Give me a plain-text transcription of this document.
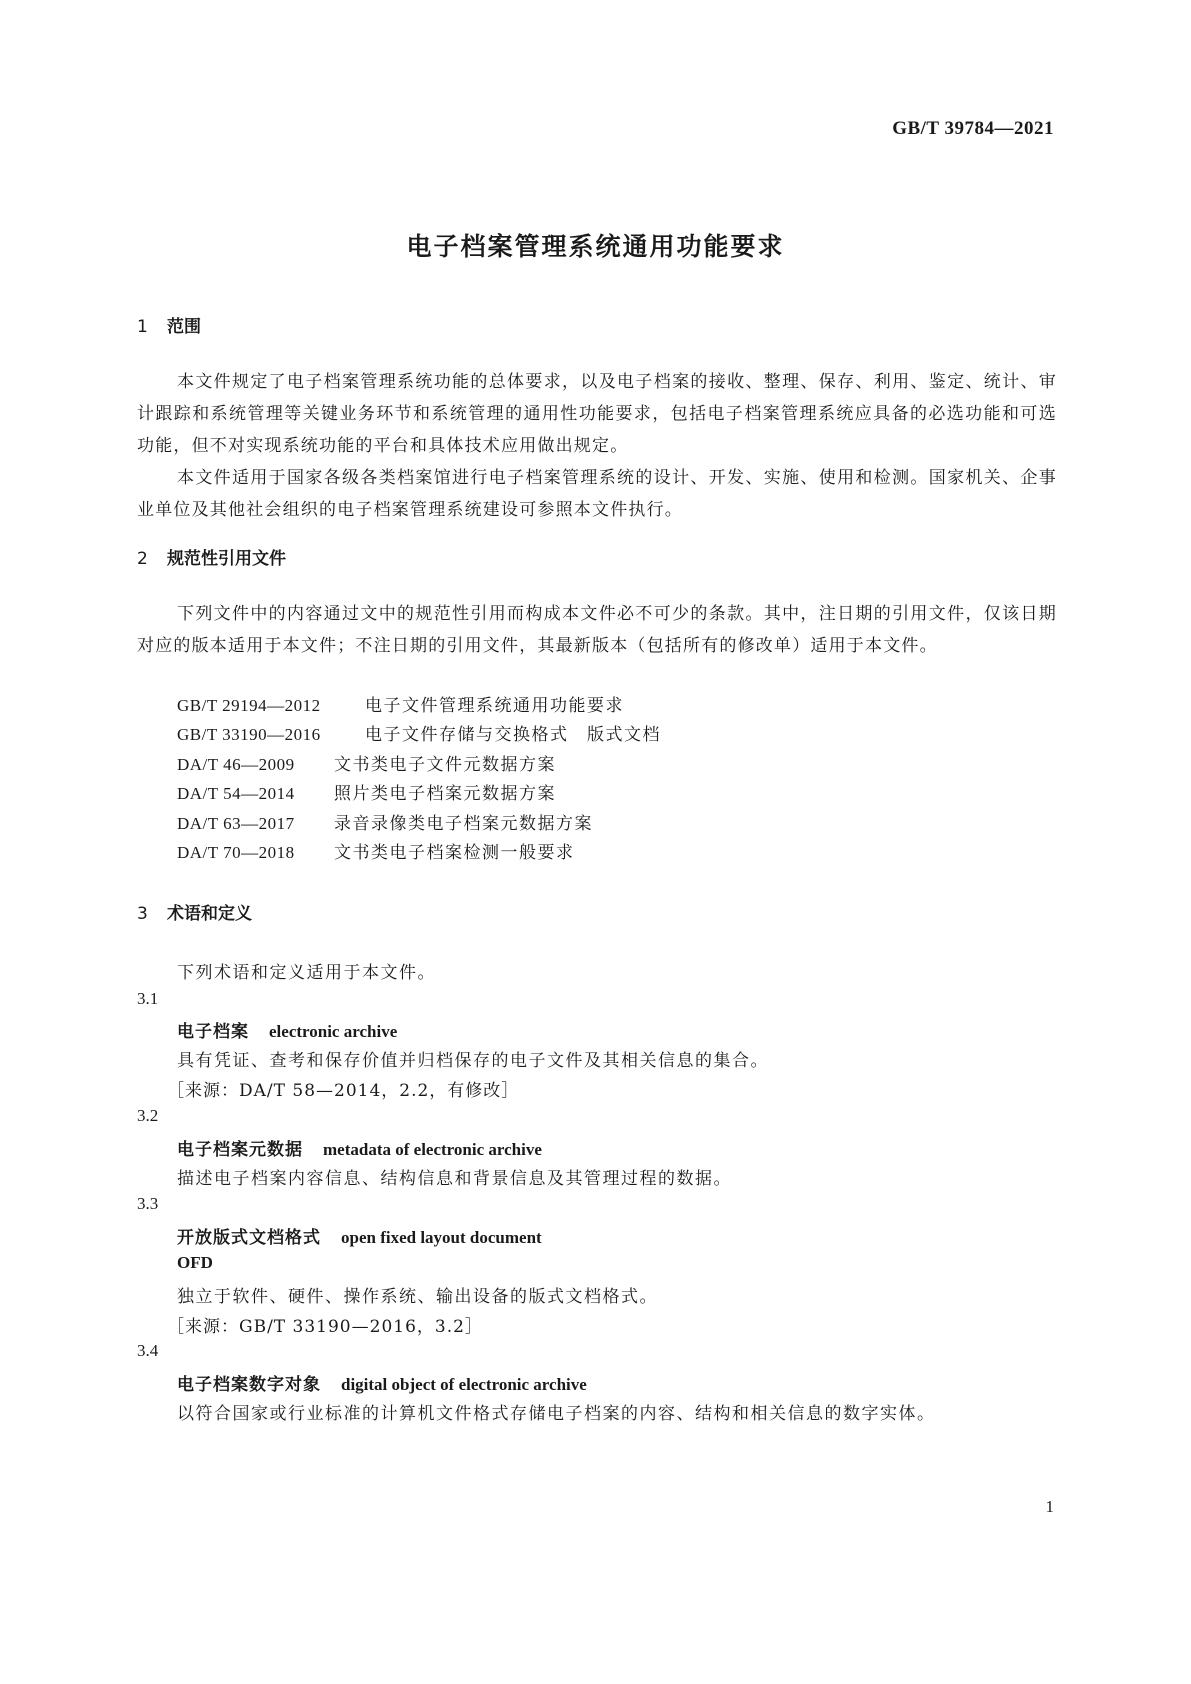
GB/T 39784—2021
电子档案管理系统通用功能要求
1 范围
本文件规定了电子档案管理系统功能的总体要求，以及电子档案的接收、整理、保存、利用、鉴定、统计、审计跟踪和系统管理等关键业务环节和系统管理的通用性功能要求，包括电子档案管理系统应具备的必选功能和可选功能，但不对实现系统功能的平台和具体技术应用做出规定。
本文件适用于国家各级各类档案馆进行电子档案管理系统的设计、开发、实施、使用和检测。国家机关、企事业单位及其他社会组织的电子档案管理系统建设可参照本文件执行。
2 规范性引用文件
下列文件中的内容通过文中的规范性引用而构成本文件必不可少的条款。其中，注日期的引用文件，仅该日期对应的版本适用于本文件；不注日期的引用文件，其最新版本（包括所有的修改单）适用于本文件。
GB/T 29194—2012	电子文件管理系统通用功能要求
GB/T 33190—2016	电子文件存储与交换格式　版式文档
DA/T 46—2009 文书类电子文件元数据方案
DA/T 54—2014 照片类电子档案元数据方案
DA/T 63—2017 录音录像类电子档案元数据方案
DA/T 70—2018 文书类电子档案检测一般要求
3 术语和定义
下列术语和定义适用于本文件。
3.1
电子档案 electronic archive
具有凭证、查考和保存价值并归档保存的电子文件及其相关信息的集合。
［来源：DA/T 58—2014，2.2，有修改］
3.2
电子档案元数据 metadata of electronic archive
描述电子档案内容信息、结构信息和背景信息及其管理过程的数据。
3.3
开放版式文档格式 open fixed layout document
OFD
独立于软件、硬件、操作系统、输出设备的版式文档格式。
［来源：GB/T 33190—2016，3.2］
3.4
电子档案数字对象 digital object of electronic archive
以符合国家或行业标准的计算机文件格式存储电子档案的内容、结构和相关信息的数字实体。
1
